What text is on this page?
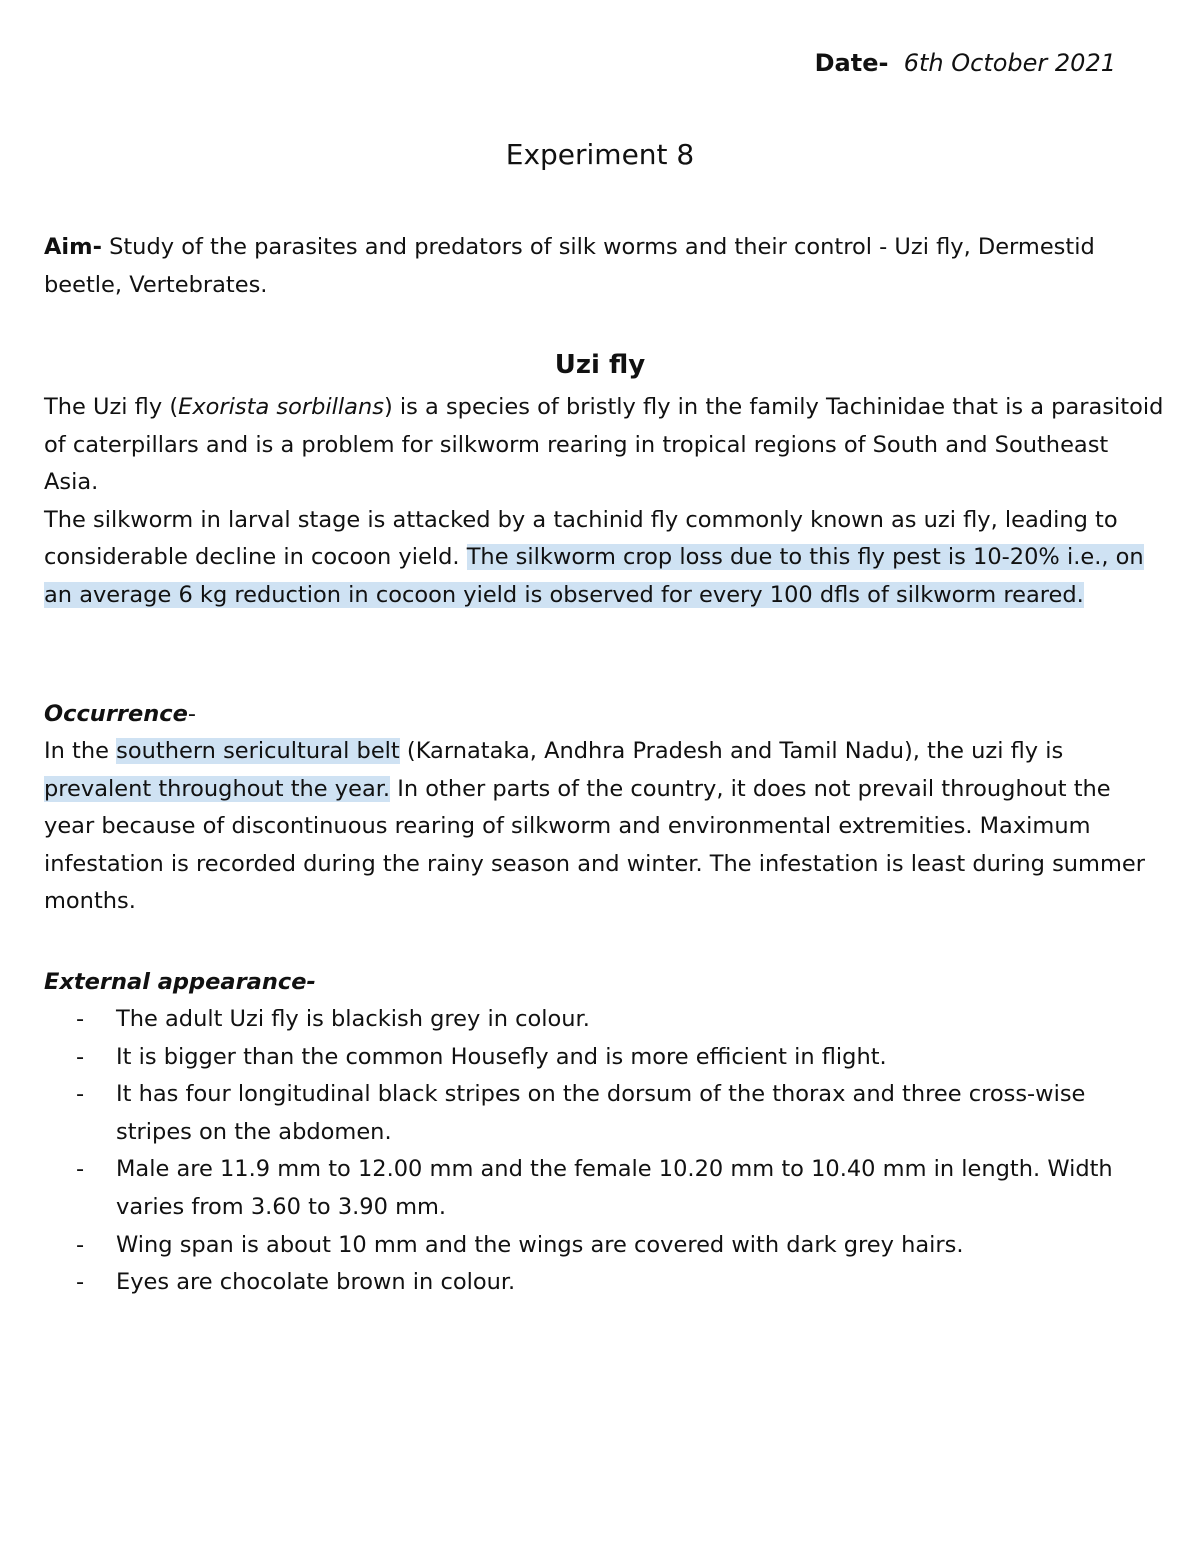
Date- 6th October 2021
Experiment 8

Aim- Study of the parasites and predators of silk worms and their control - Uzi fly, Dermestid beetle, Vertebrates.

Uzi fly
The Uzi fly (Exorista sorbillans) is a species of bristly fly in the family Tachinidae that is a parasitoid of caterpillars and is a problem for silkworm rearing in tropical regions of South and Southeast Asia.
The silkworm in larval stage is attacked by a tachinid fly commonly known as uzi fly, leading to considerable decline in cocoon yield. The silkworm crop loss due to this fly pest is 10-20% i.e., on an average 6 kg reduction in cocoon yield is observed for every 100 dfls of silkworm reared.
Occurrence-

In the southern sericultural belt (Karnataka, Andhra Pradesh and Tamil Nadu), the uzi fly is prevalent throughout the year. In other parts of the country, it does not prevail throughout the year because of discontinuous rearing of silkworm and environmental extremities. Maximum infestation is recorded during the rainy season and winter. The infestation is least during summer months.

External appearance-
- The adult Uzi fly is blackish grey in colour.
- It is bigger than the common Housefly and is more efficient in flight.
- It has four longitudinal black stripes on the dorsum of the thorax and three cross-wise stripes on the abdomen.
- Male are 11.9 mm to 12.00 mm and the female 10.20 mm to 10.40 mm in length. Width varies from 3.60 to 3.90 mm.
- Wing span is about 10 mm and the wings are covered with dark grey hairs.
- Eyes are chocolate brown in colour.
